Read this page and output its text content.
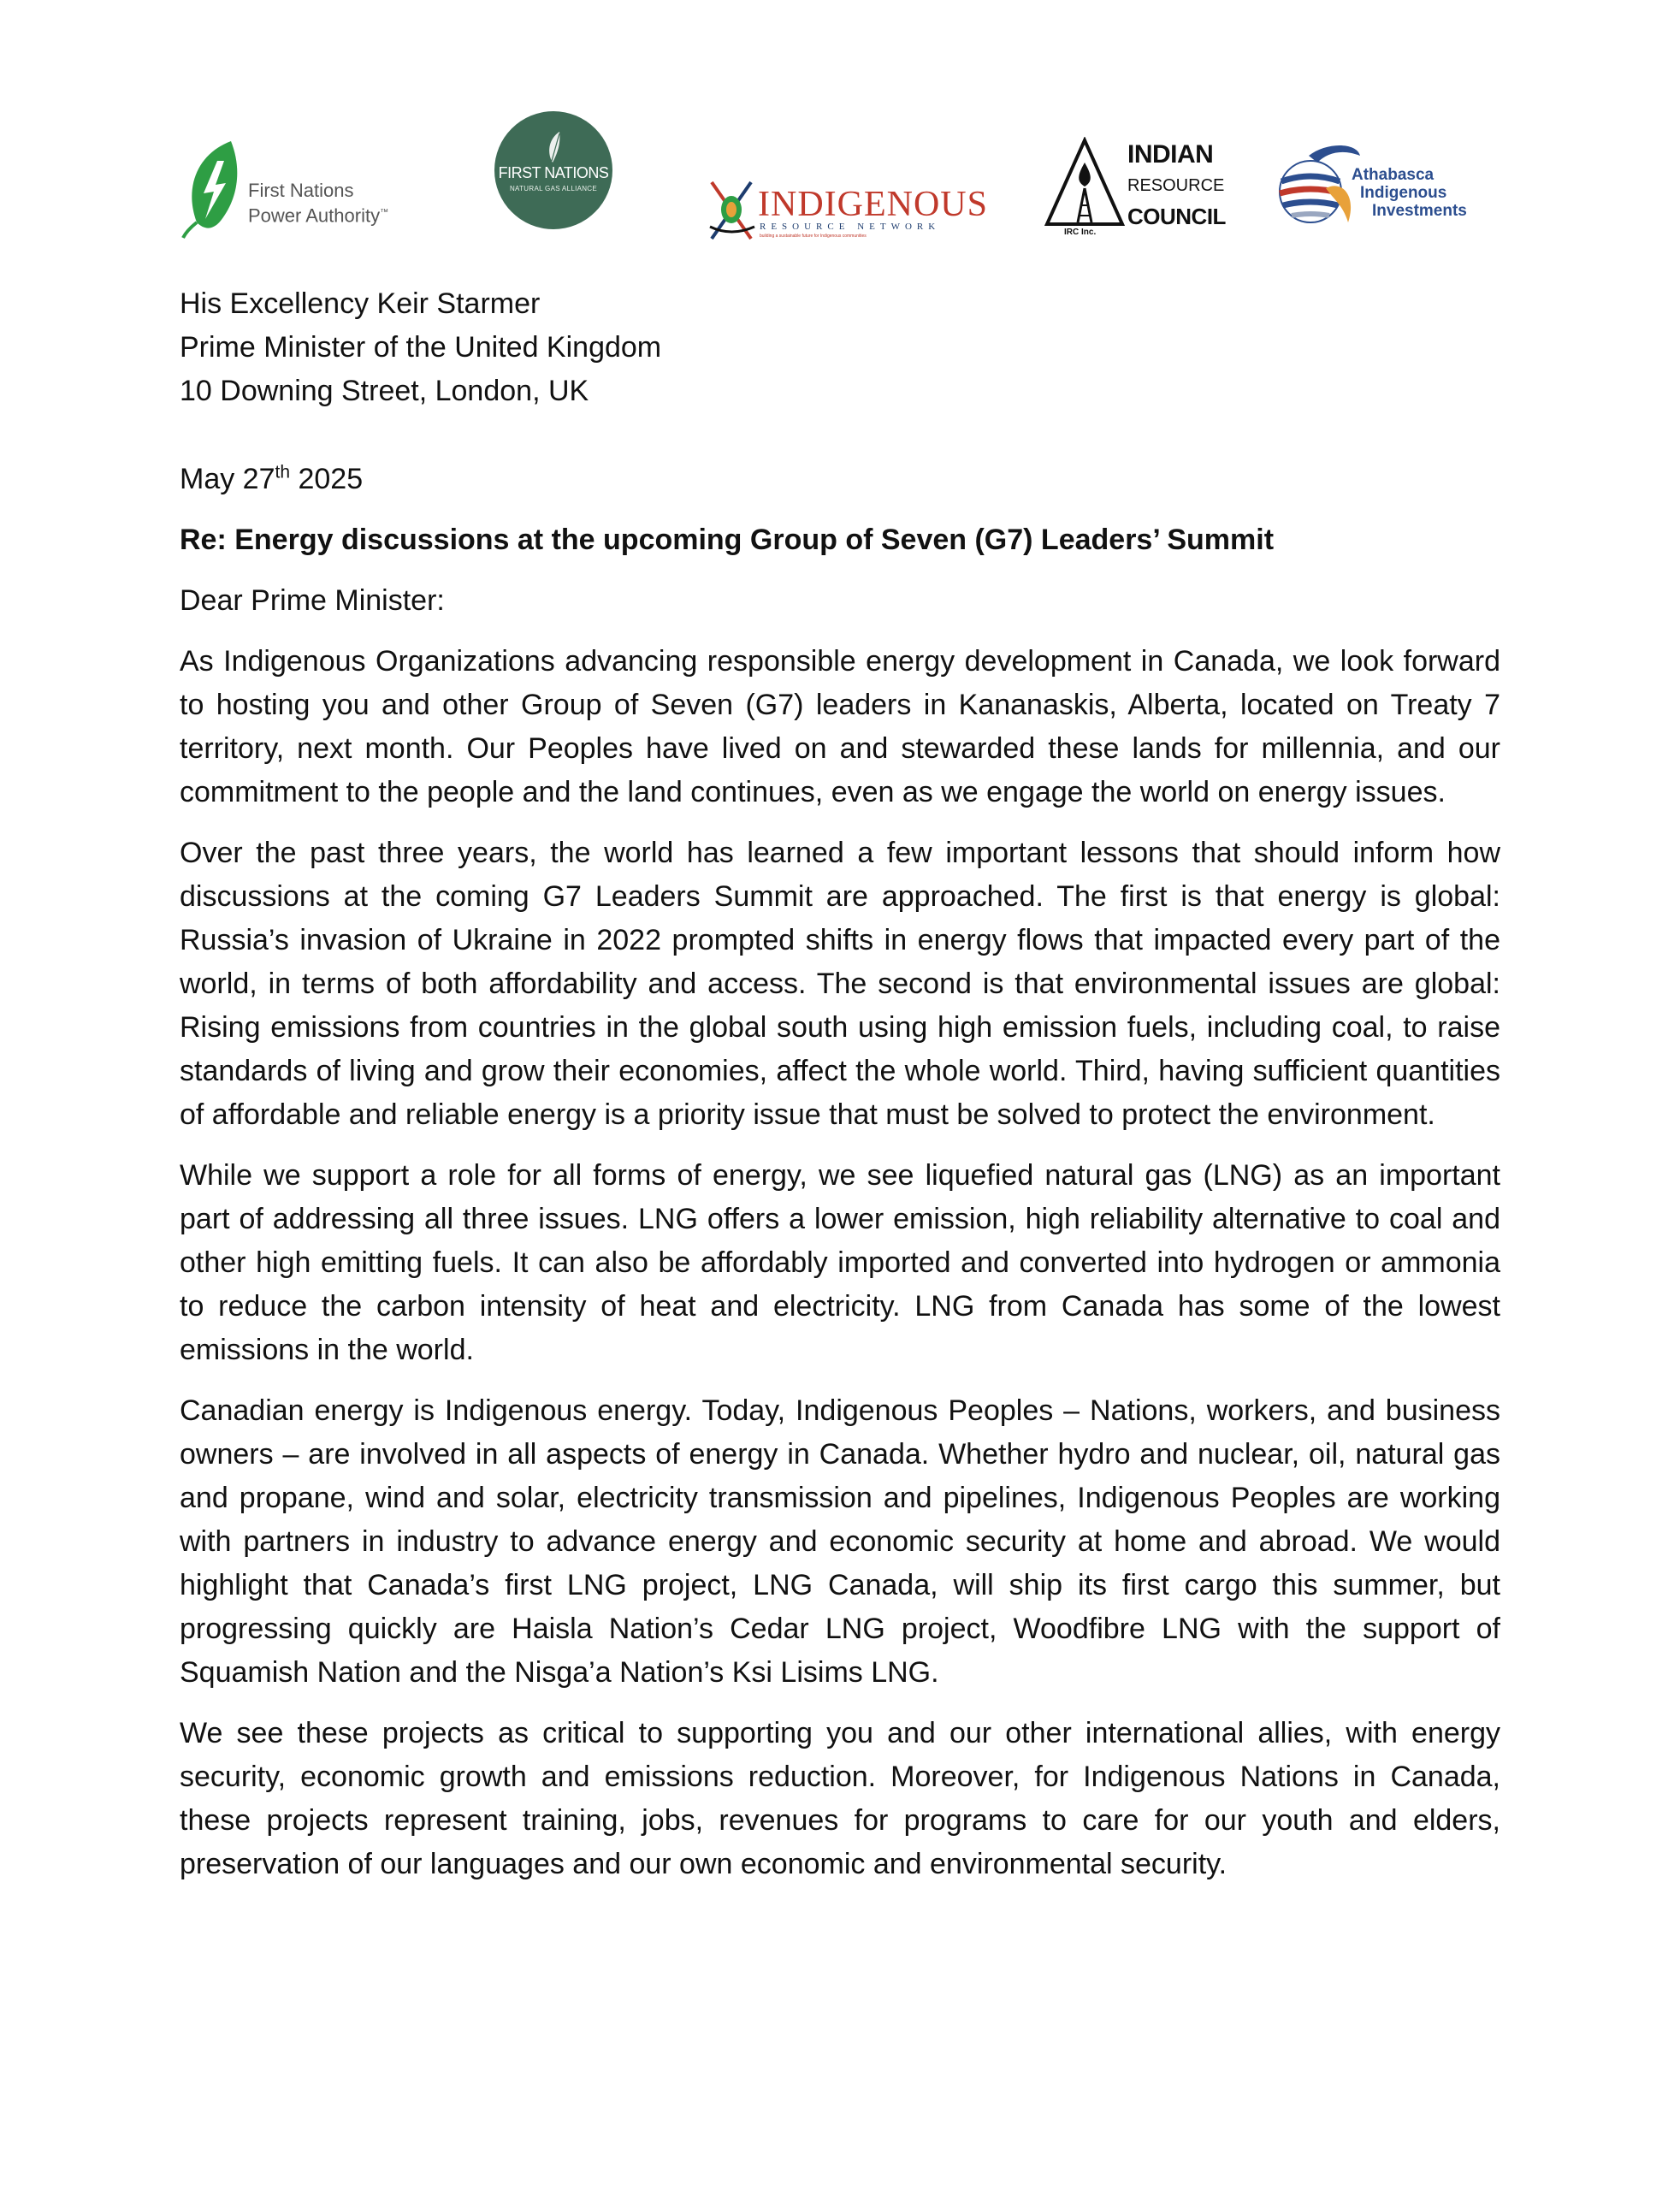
First Nations
Power Authority™
FIRST NATIONS
NATURAL GAS ALLIANCE	INDIGENOUS
RESOURCE NETWORK
building a sustainable future for Indigenous communities
INDIAN
RESOURCE
COUNCIL
IRC Inc.
Athabasca
Indigenous
Investments
His Excellency Keir Starmer
Prime Minister of the United Kingdom
10 Downing Street, London, UK
May 27th 2025
Re: Energy discussions at the upcoming Group of Seven (G7) Leaders’ Summit
Dear Prime Minister:

As Indigenous Organizations advancing responsible energy development in Canada, we look forward to hosting you and other Group of Seven (G7) leaders in Kananaskis, Alberta, located on Treaty 7 territory, next month. Our Peoples have lived on and stewarded these lands for millennia, and our commitment to the people and the land continues, even as we engage the world on energy issues.

Over the past three years, the world has learned a few important lessons that should inform how discussions at the coming G7 Leaders Summit are approached. The first is that energy is global: Russia’s invasion of Ukraine in 2022 prompted shifts in energy flows that impacted every part of the world, in terms of both affordability and access. The second is that environmental issues are global: Rising emissions from countries in the global south using high emission fuels, including coal, to raise standards of living and grow their economies, affect the whole world. Third, having sufficient quantities of affordable and reliable energy is a priority issue that must be solved to protect the environment.

While we support a role for all forms of energy, we see liquefied natural gas (LNG) as an important part of addressing all three issues. LNG offers a lower emission, high reliability alternative to coal and other high emitting fuels. It can also be affordably imported and converted into hydrogen or ammonia to reduce the carbon intensity of heat and electricity. LNG from Canada has some of the lowest emissions in the world.

Canadian energy is Indigenous energy. Today, Indigenous Peoples – Nations, workers, and business owners – are involved in all aspects of energy in Canada. Whether hydro and nuclear, oil, natural gas and propane, wind and solar, electricity transmission and pipelines, Indigenous Peoples are working with partners in industry to advance energy and economic security at home and abroad. We would highlight that Canada’s first LNG project, LNG Canada, will ship its first cargo this summer, but progressing quickly are Haisla Nation’s Cedar LNG project, Woodfibre LNG with the support of Squamish Nation and the Nisga’a Nation’s Ksi Lisims LNG.

We see these projects as critical to supporting you and our other international allies, with energy security, economic growth and emissions reduction. Moreover, for Indigenous Nations in Canada, these projects represent training, jobs, revenues for programs to care for our youth and elders, preservation of our languages and our own economic and environmental security.
